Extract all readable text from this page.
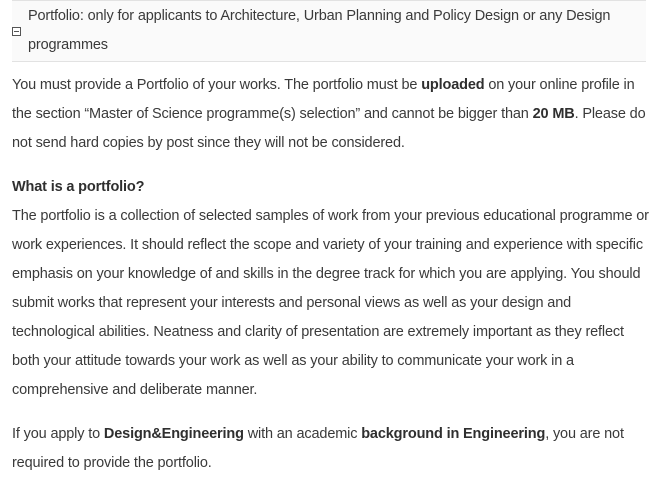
Portfolio: only for applicants to Architecture, Urban Planning and Policy Design or any Design programmes

You must provide a Portfolio of your works. The portfolio must be uploaded on your online profile in the section “Master of Science programme(s) selection” and cannot be bigger than 20 MB. Please do not send hard copies by post since they will not be considered.

What is a portfolio?

The portfolio is a collection of selected samples of work from your previous educational programme or work experiences. It should reflect the scope and variety of your training and experience with specific emphasis on your knowledge of and skills in the degree track for which you are applying. You should submit works that represent your interests and personal views as well as your design and technological abilities. Neatness and clarity of presentation are extremely important as they reflect both your attitude towards your work as well as your ability to communicate your work in a comprehensive and deliberate manner.

If you apply to Design&Engineering with an academic background in Engineering, you are not required to provide the portfolio.
